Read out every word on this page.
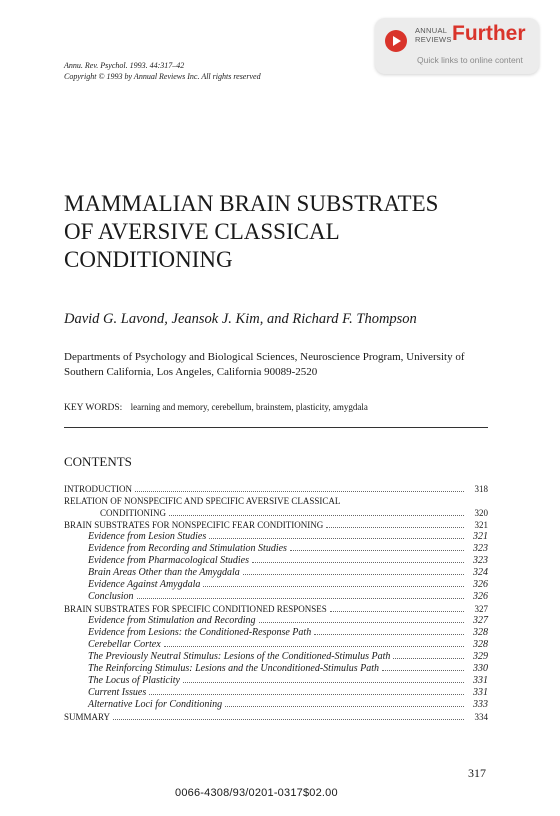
ANNUAL
REVIEWS Further
Quick links to online content
Annu. Rev. Psychol. 1993. 44:317–42
Copyright © 1993 by Annual Reviews Inc. All rights reserved
MAMMALIAN BRAIN SUBSTRATES
OF AVERSIVE CLASSICAL
CONDITIONING
David G. Lavond, Jeansok J. Kim, and Richard F. Thompson
Departments of Psychology and Biological Sciences, Neuroscience Program, University of Southern California, Los Angeles, California 90089-2520
KEY WORDS: learning and memory, cerebellum, brainstem, plasticity, amygdala
CONTENTS
INTRODUCTION	318
RELATION OF NONSPECIFIC AND SPECIFIC AVERSIVE CLASSICAL
CONDITIONING	320
BRAIN SUBSTRATES FOR NONSPECIFIC FEAR CONDITIONING	321
Evidence from Lesion Studies	321
Evidence from Recording and Stimulation Studies	323
Evidence from Pharmacological Studies	323
Brain Areas Other than the Amygdala	324
Evidence Against Amygdala	326
Conclusion	326
BRAIN SUBSTRATES FOR SPECIFIC CONDITIONED RESPONSES	327
Evidence from Stimulation and Recording	327
Evidence from Lesions: the Conditioned-Response Path	328
Cerebellar Cortex	328
The Previously Neutral Stimulus: Lesions of the Conditioned-Stimulus Path	329
The Reinforcing Stimulus: Lesions and the Unconditioned-Stimulus Path	330
The Locus of Plasticity	331
Current Issues	331
Alternative Loci for Conditioning	333
SUMMARY	334
317
0066-4308/93/0201-0317$02.00
